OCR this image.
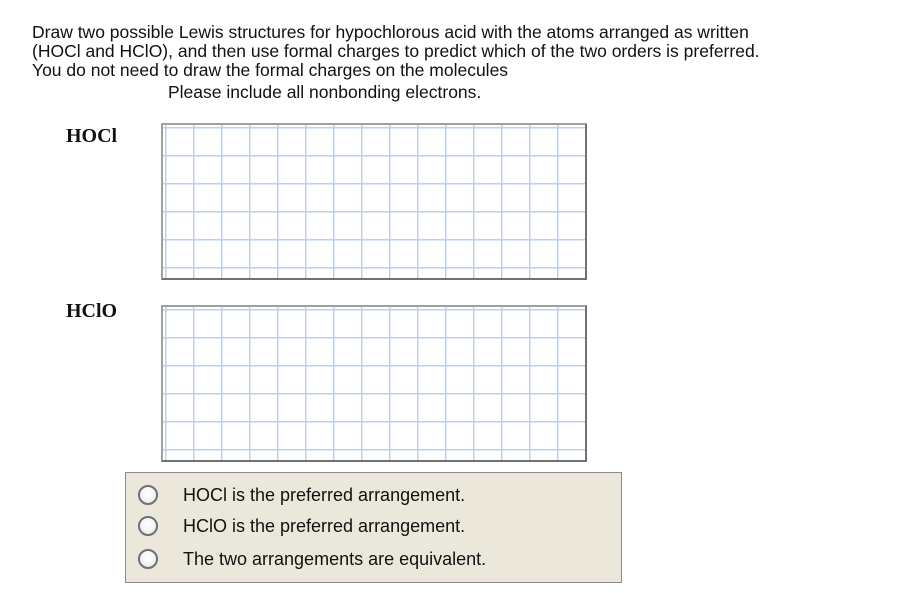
Draw two possible Lewis structures for hypochlorous acid with the atoms arranged as written
(HOCl and HClO), and then use formal charges to predict which of the two orders is preferred.
You do not need to draw the formal charges on the molecules
Please include all nonbonding electrons.
HOCl
HClO
HOCl is the preferred arrangement.
HClO is the preferred arrangement.
The two arrangements are equivalent.
